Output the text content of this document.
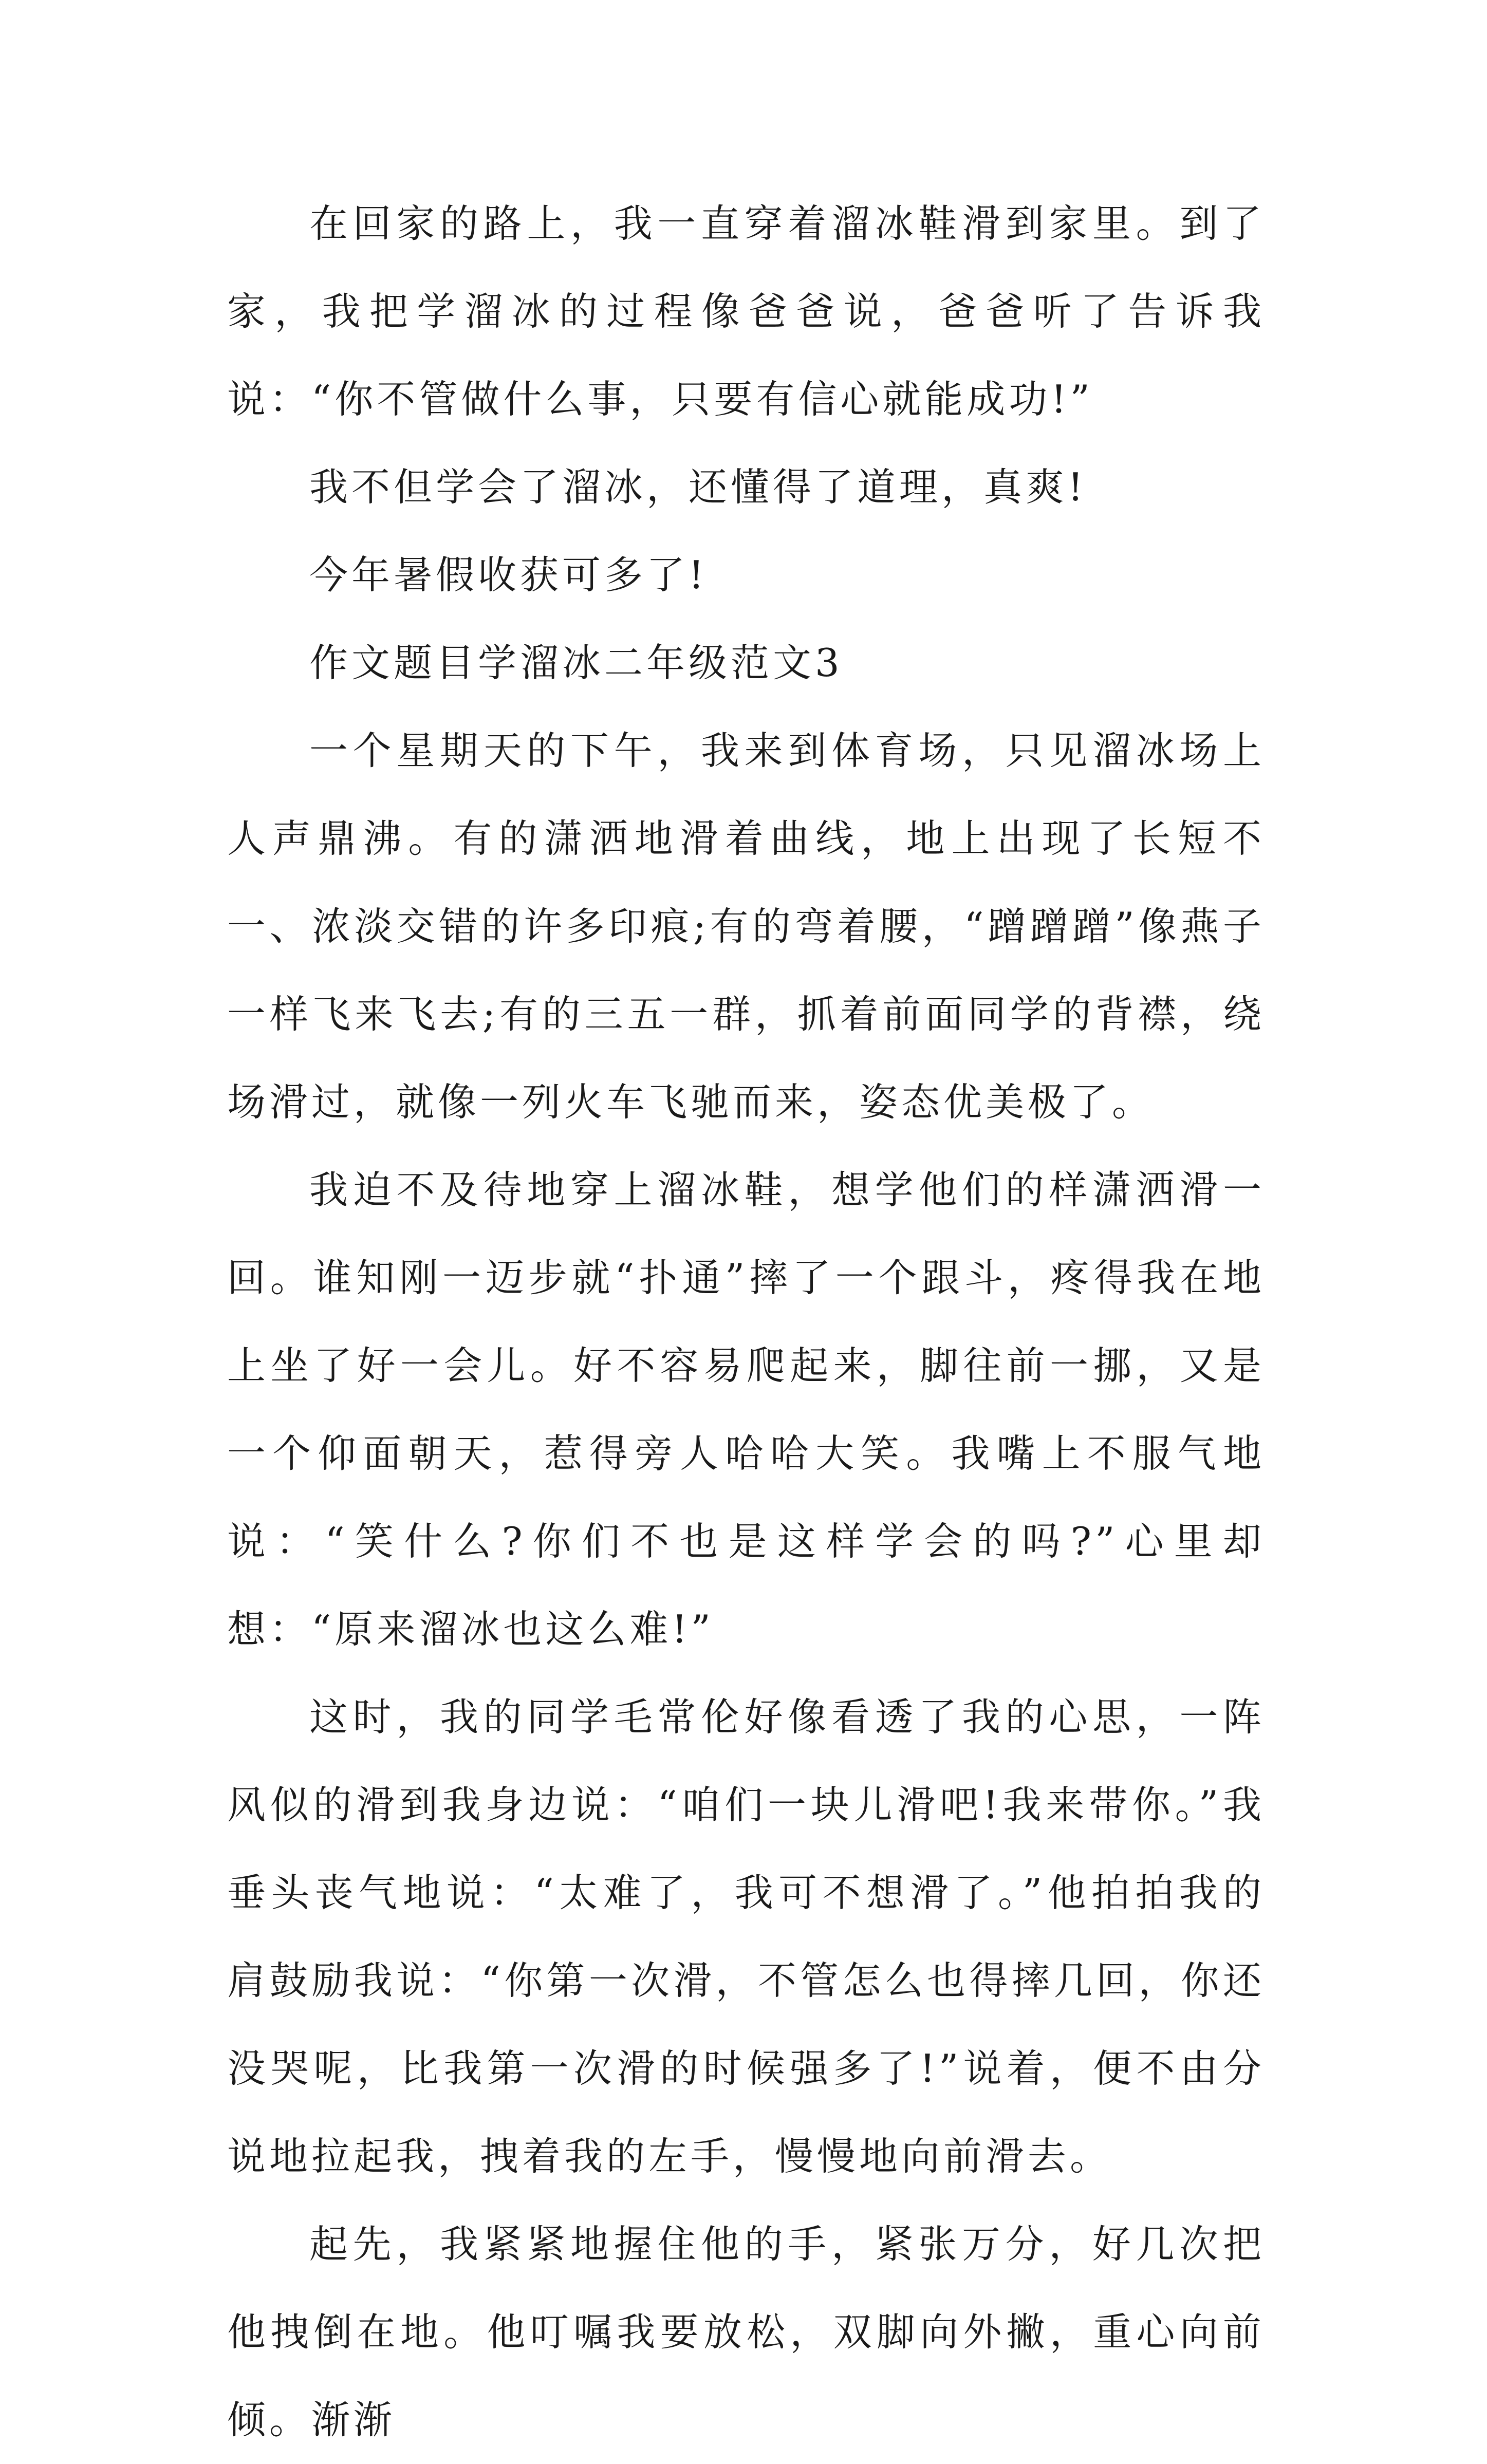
在回家的路上，我一直穿着溜冰鞋滑到家里。到了家，我把学溜冰的过程像爸爸说，爸爸听了告诉我说：“你不管做什么事，只要有信心就能成功!”

我不但学会了溜冰，还懂得了道理，真爽!

今年暑假收获可多了!

作文题目学溜冰二年级范文3

一个星期天的下午，我来到体育场，只见溜冰场上人声鼎沸。有的潇洒地滑着曲线，地上出现了长短不一、浓淡交错的许多印痕;有的弯着腰，“蹭蹭蹭”像燕子一样飞来飞去;有的三五一群，抓着前面同学的背襟，绕场滑过，就像一列火车飞驰而来，姿态优美极了。

我迫不及待地穿上溜冰鞋，想学他们的样潇洒滑一回。谁知刚一迈步就“扑通”摔了一个跟斗，疼得我在地上坐了好一会儿。好不容易爬起来，脚往前一挪，又是一个仰面朝天，惹得旁人哈哈大笑。我嘴上不服气地说：“笑什么?你们不也是这样学会的吗?”心里却想：“原来溜冰也这么难!”

这时，我的同学毛常伦好像看透了我的心思，一阵风似的滑到我身边说：“咱们一块儿滑吧!我来带你。”我垂头丧气地说：“太难了，我可不想滑了。”他拍拍我的肩鼓励我说：“你第一次滑，不管怎么也得摔几回，你还没哭呢，比我第一次滑的时候强多了!”说着，便不由分说地拉起我，拽着我的左手，慢慢地向前滑去。

起先，我紧紧地握住他的手，紧张万分，好几次把他拽倒在地。他叮嘱我要放松，双脚向外撇，重心向前倾。渐渐
